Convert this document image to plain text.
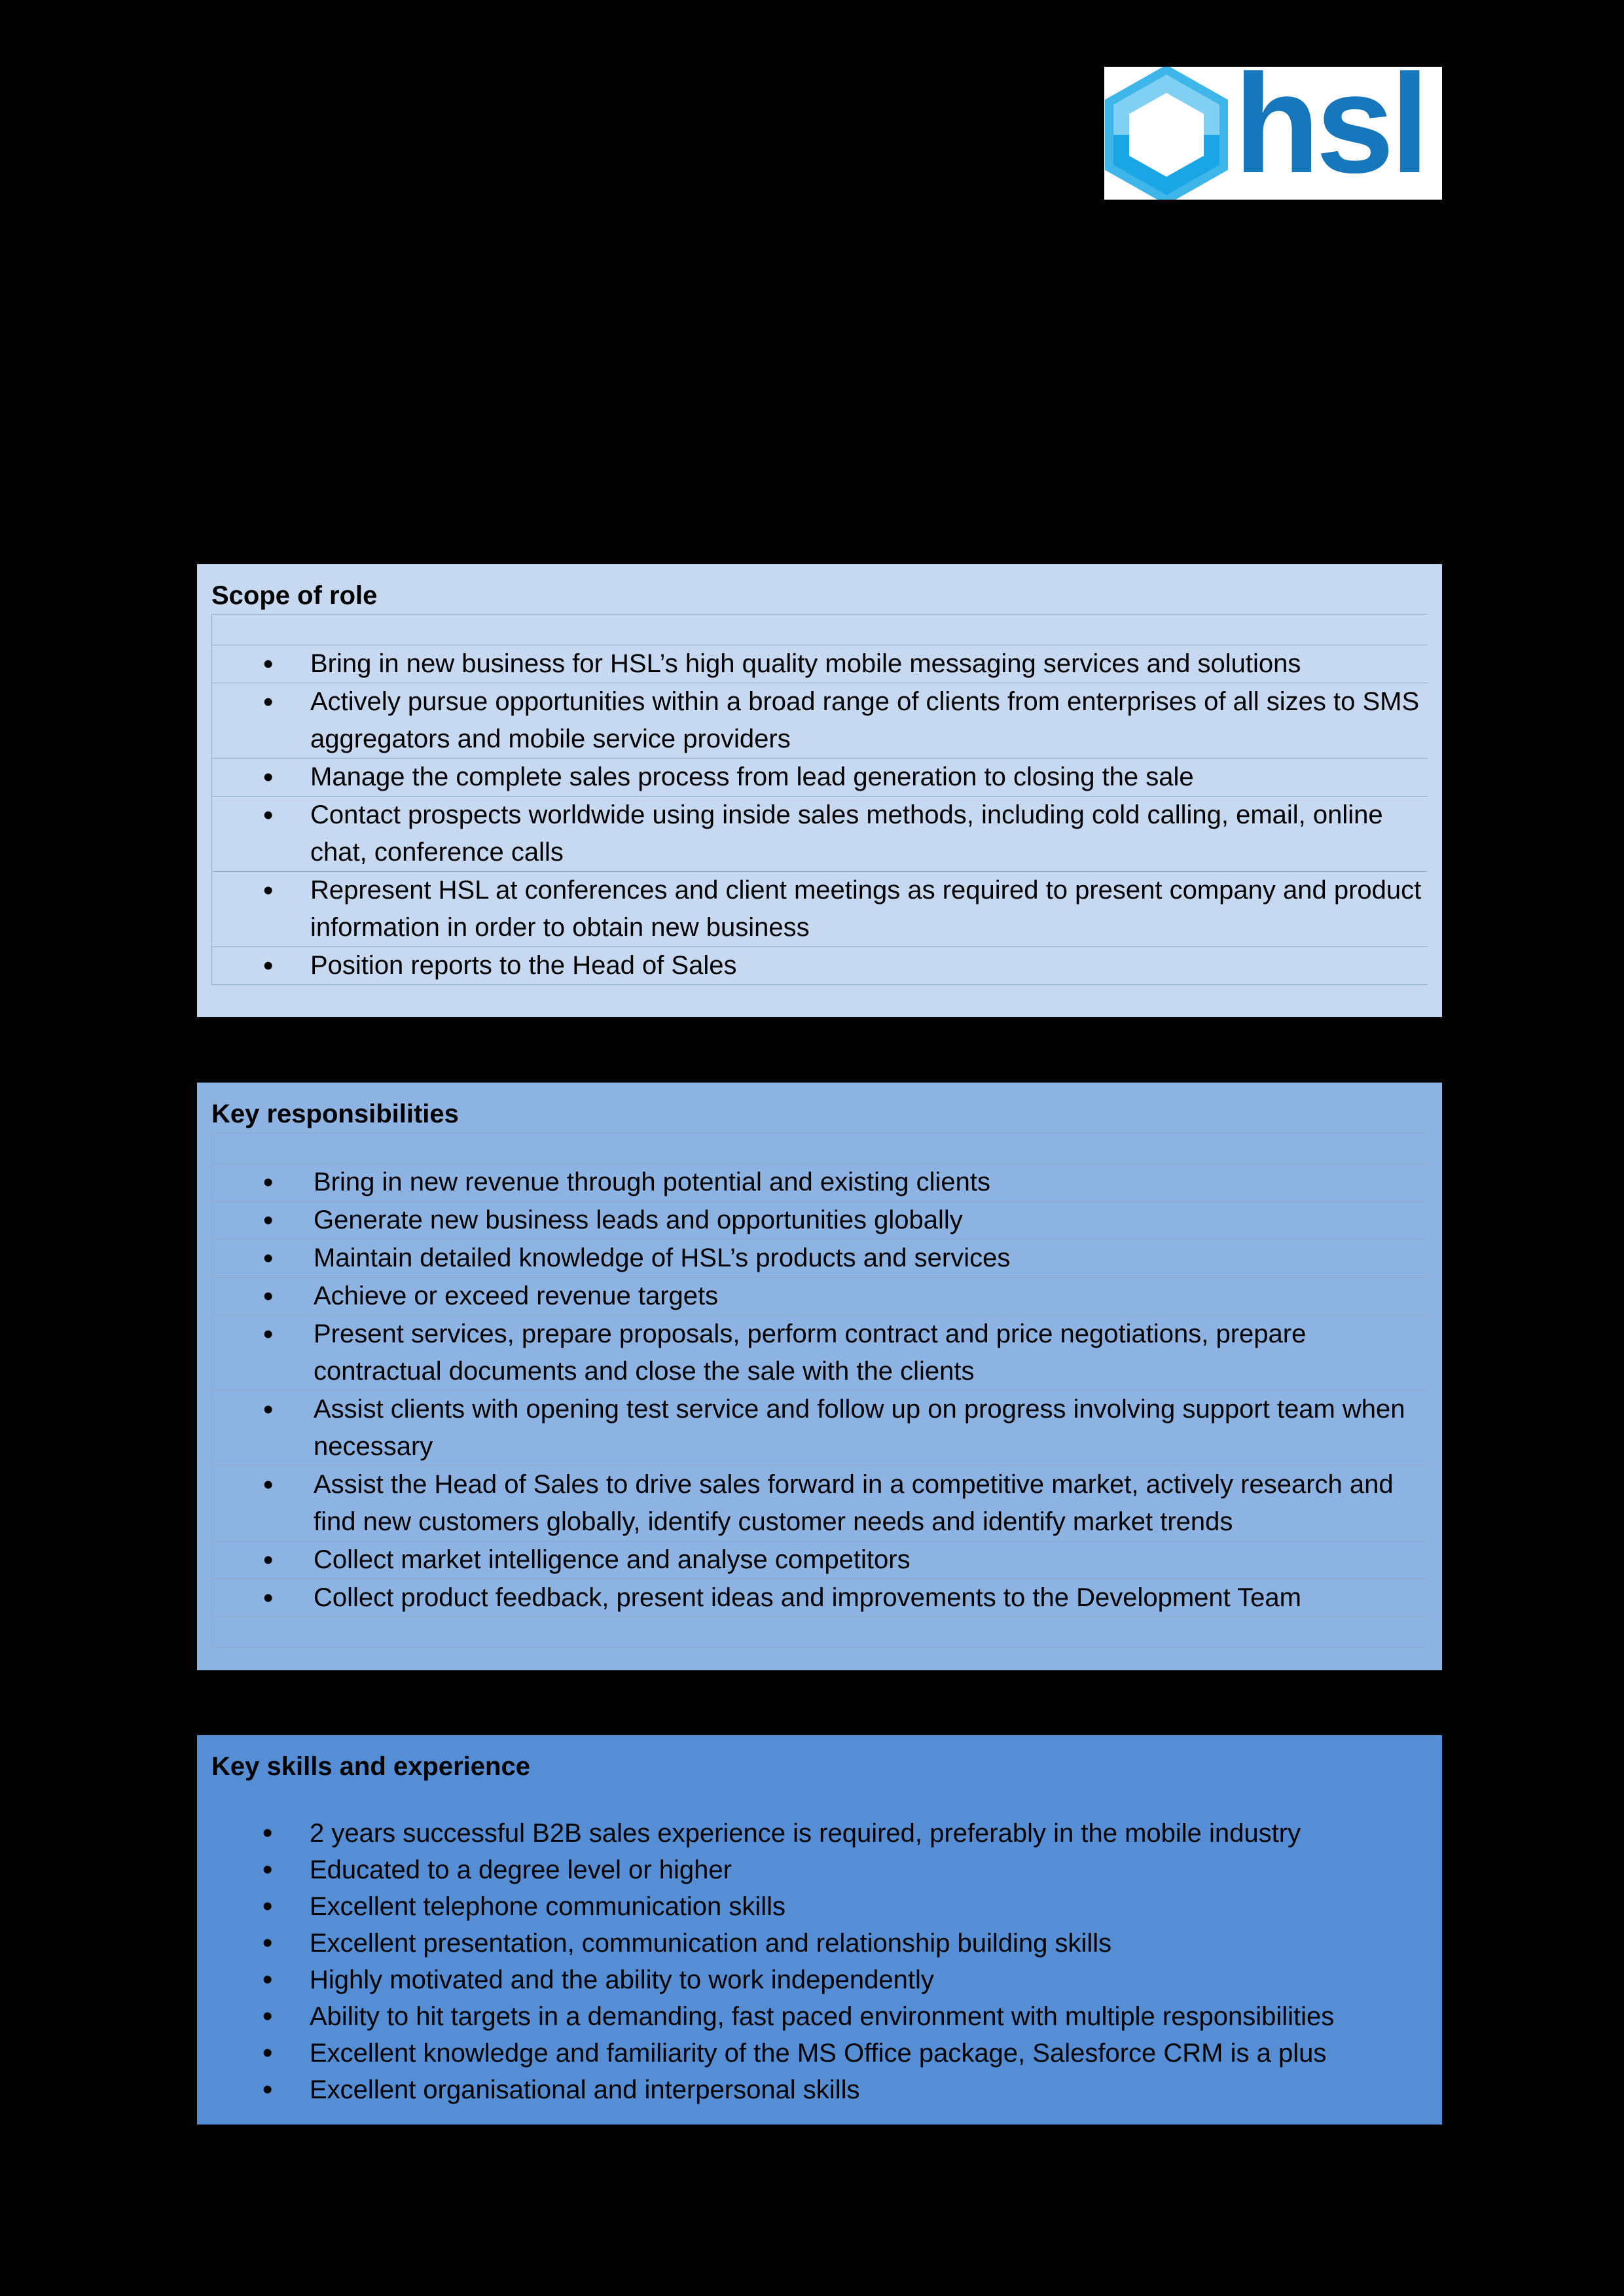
hsl
Scope of role
• Bring in new business for HSL’s high quality mobile messaging services and solutions
• Actively pursue opportunities within a broad range of clients from enterprises of all sizes to SMS aggregators and mobile service providers
• Manage the complete sales process from lead generation to closing the sale
• Contact prospects worldwide using inside sales methods, including cold calling, email, online chat, conference calls
• Represent HSL at conferences and client meetings as required to present company and product information in order to obtain new business
• Position reports to the Head of Sales
Key responsibilities
• Bring in new revenue through potential and existing clients
• Generate new business leads and opportunities globally
• Maintain detailed knowledge of HSL’s products and services
• Achieve or exceed revenue targets
• Present services, prepare proposals, perform contract and price negotiations, prepare contractual documents and close the sale with the clients
• Assist clients with opening test service and follow up on progress involving support team when necessary
• Assist the Head of Sales to drive sales forward in a competitive market, actively research and find new customers globally, identify customer needs and identify market trends
• Collect market intelligence and analyse competitors
• Collect product feedback, present ideas and improvements to the Development Team
Key skills and experience
• 2 years successful B2B sales experience is required, preferably in the mobile industry
• Educated to a degree level or higher
• Excellent telephone communication skills
• Excellent presentation, communication and relationship building skills
• Highly motivated and the ability to work independently
• Ability to hit targets in a demanding, fast paced environment with multiple responsibilities
• Excellent knowledge and familiarity of the MS Office package, Salesforce CRM is a plus
• Excellent organisational and interpersonal skills
